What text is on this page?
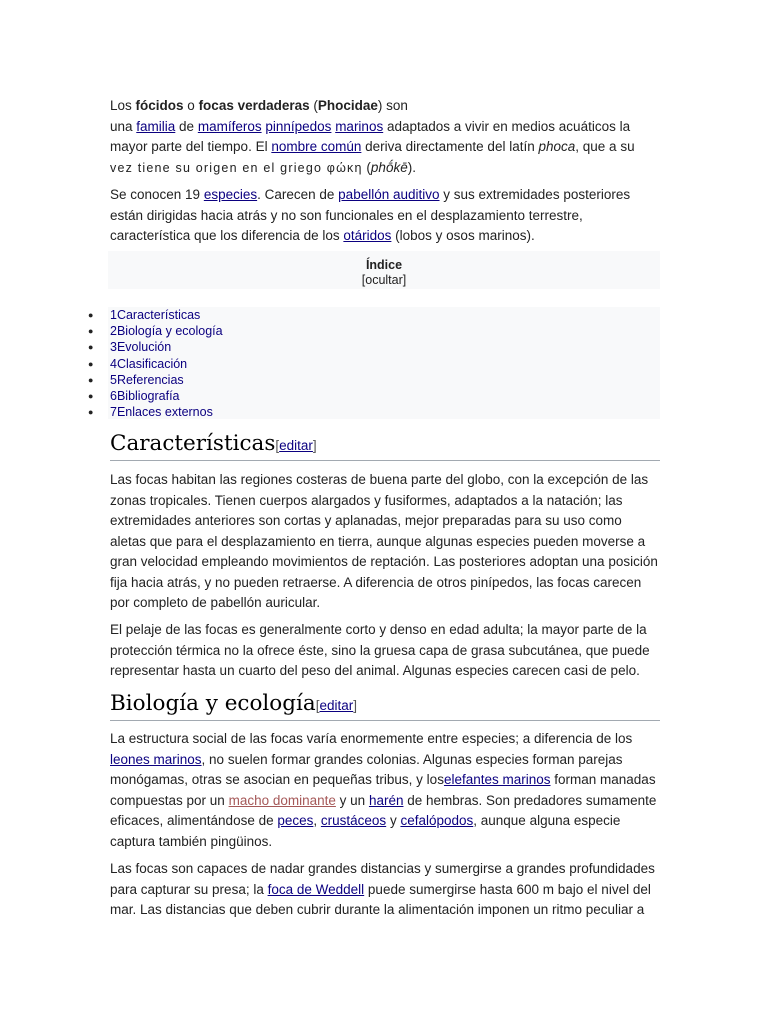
Los fócidos o focas verdaderas (Phocidae) son
una familia de mamíferos pinnípedos marinos adaptados a vivir en medios acuáticos la mayor parte del tiempo. El nombre común deriva directamente del latín phoca, que a su
vez tiene su origen en el griego φώκη (phṓkē).

Se conocen 19 especies. Carecen de pabellón auditivo y sus extremidades posteriores están dirigidas hacia atrás y no son funcionales en el desplazamiento terrestre, característica que los diferencia de los otáridos (lobos y osos marinos).

Índice
[ocultar]
● 1Características
● 2Biología y ecología
● 3Evolución
● 4Clasificación
● 5Referencias
● 6Bibliografía
● 7Enlaces externos
Características[editar]

Las focas habitan las regiones costeras de buena parte del globo, con la excepción de las zonas tropicales. Tienen cuerpos alargados y fusiformes, adaptados a la natación; las extremidades anteriores son cortas y aplanadas, mejor preparadas para su uso como aletas que para el desplazamiento en tierra, aunque algunas especies pueden moverse a gran velocidad empleando movimientos de reptación. Las posteriores adoptan una posición fija hacia atrás, y no pueden retraerse. A diferencia de otros pinípedos, las focas carecen por completo de pabellón auricular.

El pelaje de las focas es generalmente corto y denso en edad adulta; la mayor parte de la protección térmica no la ofrece éste, sino la gruesa capa de grasa subcutánea, que puede representar hasta un cuarto del peso del animal. Algunas especies carecen casi de pelo.

Biología y ecología[editar]

La estructura social de las focas varía enormemente entre especies; a diferencia de los leones marinos, no suelen formar grandes colonias. Algunas especies forman parejas monógamas, otras se asocian en pequeñas tribus, y loselefantes marinos forman manadas compuestas por un macho dominante y un harén de hembras. Son predadores sumamente eficaces, alimentándose de peces, crustáceos y cefalópodos, aunque alguna especie captura también pingüinos.

Las focas son capaces de nadar grandes distancias y sumergirse a grandes profundidades para capturar su presa; la foca de Weddell puede sumergirse hasta 600 m bajo el nivel del mar. Las distancias que deben cubrir durante la alimentación imponen un ritmo peculiar a
